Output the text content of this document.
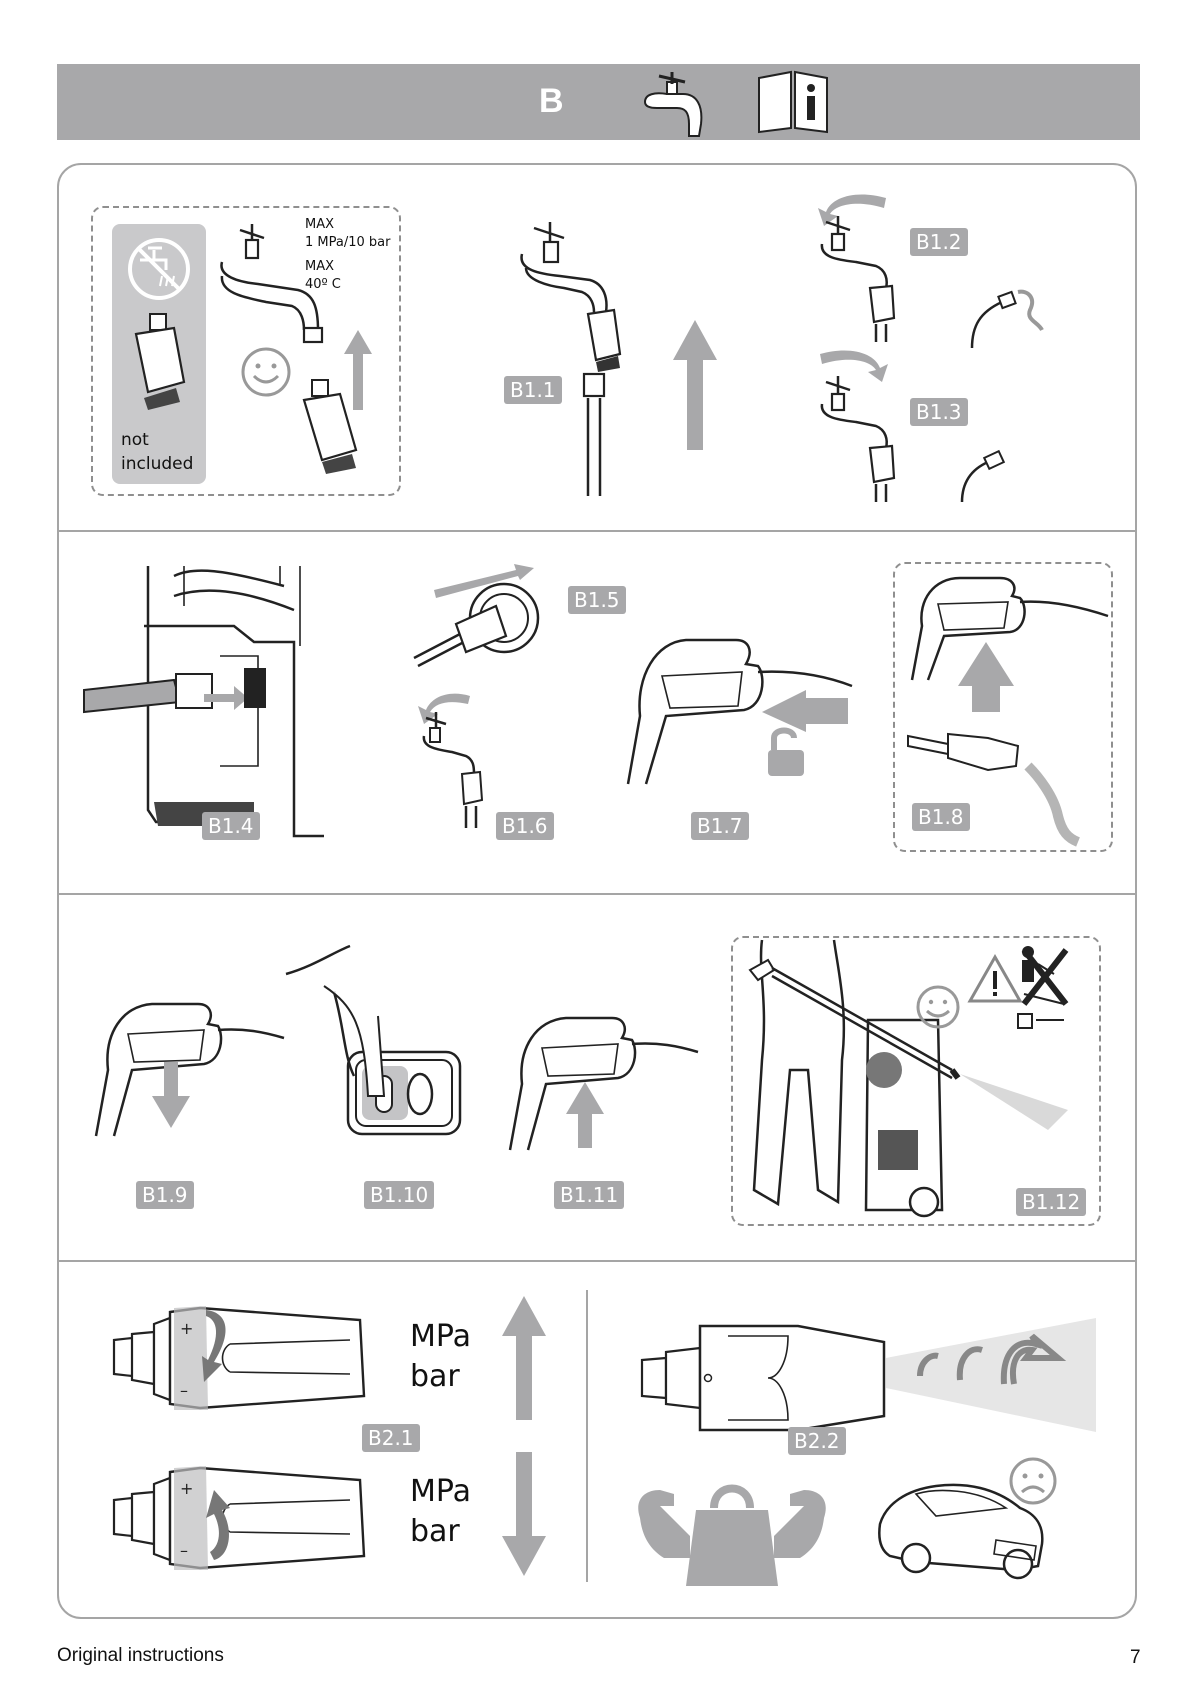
B
not
included
MAX
1 MPa/10 bar
MAX
40º C
B1.1
B1.2
B1.3
B1.4
B1.5
B1.6	B1.7	B1.8
B1.9	B1.10	B1.11	B1.12
+
–
MPa
bar
B2.1
+
–
MPa
bar
B2.2
Original instructions	7
